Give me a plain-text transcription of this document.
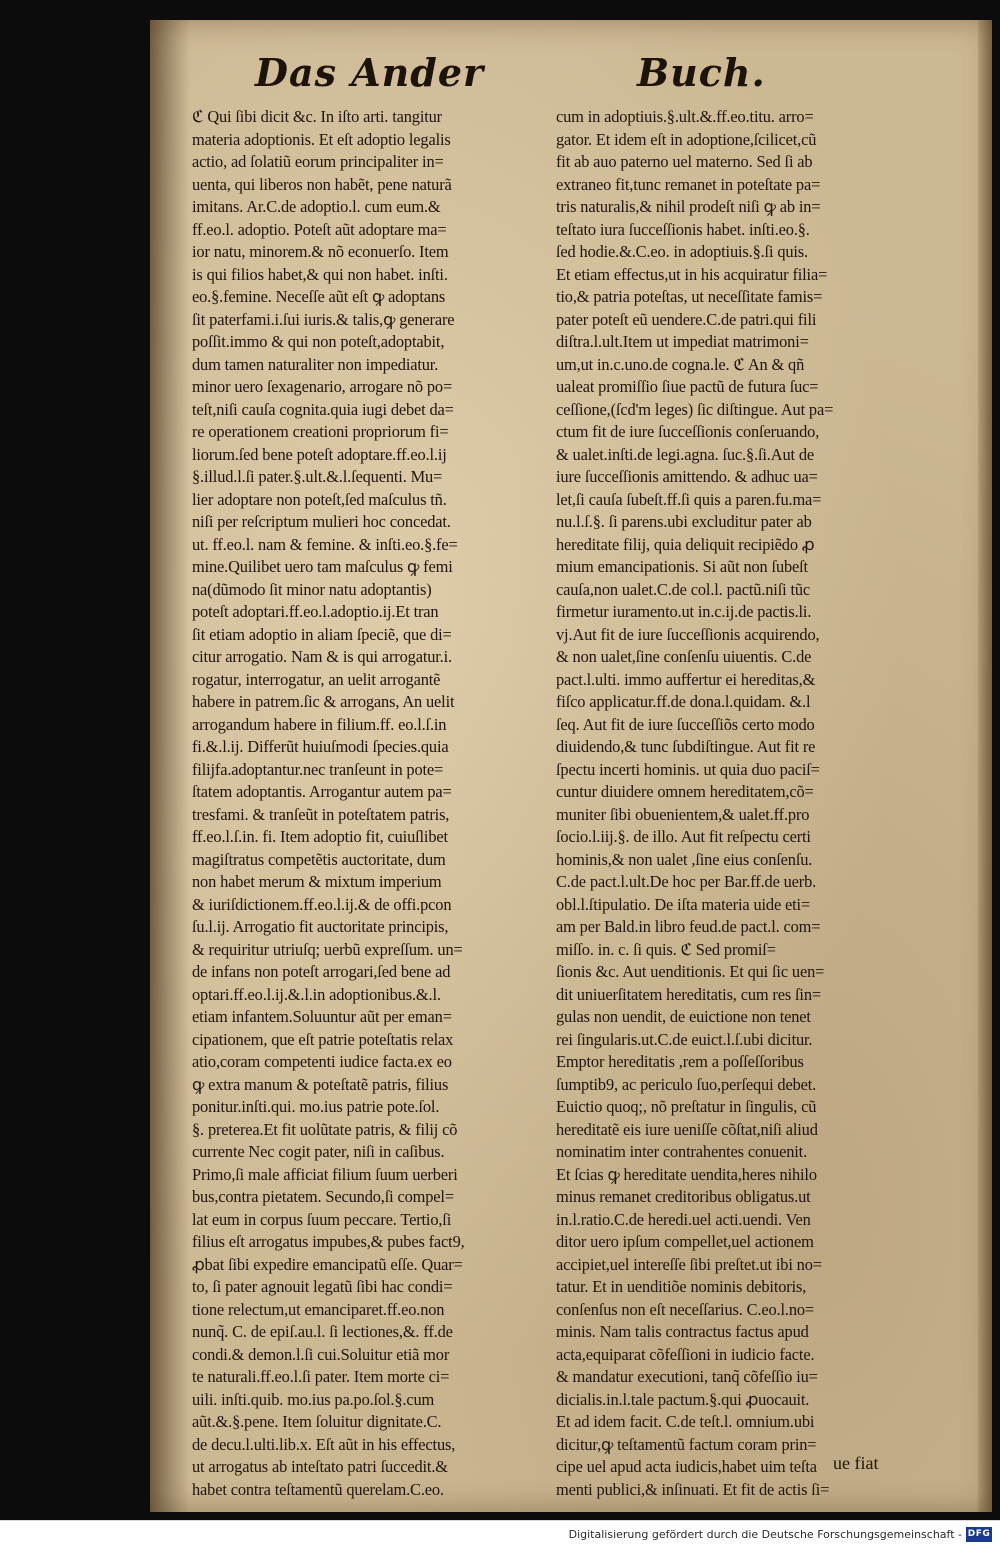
Das Ander	Buch.
ℭ Qui ſibi dicit &c. In iſto arti. tangitur
materia adoptionis. Et eſt adoptio legalis
actio, ad ſolatiũ eorum principaliter in=
uenta, qui liberos non habẽt, pene naturã
imitans. Ar.C.de adoptio.l. cum eum.&
ff.eo.l. adoptio. Poteſt aũt adoptare ma=
ior natu, minorem.& nõ econuerſo. Item
is qui filios habet,& qui non habet. inſti.
eo.§.femine. Neceſſe aũt eſt ꝙ adoptans
ſit paterfami.i.ſui iuris.& talis,ꝙ generare
poſſit.immo & qui non poteſt,adoptabit,
dum tamen naturaliter non impediatur.
minor uero ſexagenario, arrogare nõ po=
teſt,niſi cauſa cognita.quia iugi debet da=
re operationem creationi propriorum fi=
liorum.ſed bene poteſt adoptare.ff.eo.l.ij
§.illud.l.ſi pater.§.ult.&.l.ſequenti. Mu=
lier adoptare non poteſt,ſed maſculus tñ.
niſi per reſcriptum mulieri hoc concedat.
ut. ff.eo.l. nam & femine. & inſti.eo.§.fe=
mine.Quilibet uero tam maſculus ꝙ femi
na(dũmodo ſit minor natu adoptantis)
poteſt adoptari.ff.eo.l.adoptio.ij.Et tran
ſit etiam adoptio in aliam ſpeciẽ, que di=
citur arrogatio. Nam & is qui arrogatur.i.
rogatur, interrogatur, an uelit arrogantẽ
habere in patrem.ſic & arrogans, An uelit
arrogandum habere in filium.ff. eo.l.ſ.in
fi.&.l.ij. Differũt huiuſmodi ſpecies.quia
filijfa.adoptantur.nec tranſeunt in pote=
ſtatem adoptantis. Arrogantur autem pa=
tresfami. & tranſeũt in poteſtatem patris,
ff.eo.l.ſ.in. fi. Item adoptio fit, cuiuſlibet
magiſtratus competẽtis auctoritate, dum
non habet merum & mixtum imperium
& iuriſdictionem.ff.eo.l.ij.& de offi.pcon
ſu.l.ij. Arrogatio fit auctoritate principis,
& requiritur utriuſq; uerbũ expreſſum. un=
de infans non poteſt arrogari,ſed bene ad
optari.ff.eo.l.ij.&.l.in adoptionibus.&.l.
etiam infantem.Soluuntur aũt per eman=
cipationem, que eſt patrie poteſtatis relax
atio,coram competenti iudice facta.ex eo
ꝙ extra manum & poteſtatẽ patris, filius
ponitur.inſti.qui. mo.ius patrie pote.ſol.
§. preterea.Et fit uolũtate patris, & filij cõ
currente Nec cogit pater, niſi in caſibus.
Primo,ſi male afficiat filium ſuum uerberi
bus,contra pietatem. Secundo,ſi compel=
lat eum in corpus ſuum peccare. Tertio,ſi
filius eſt arrogatus impubes,& pubes fact9,
ꝓbat ſibi expedire emancipatũ eſſe. Quar=
to, ſi pater agnouit legatũ ſibi hac condi=
tione relectum,ut emanciparet.ff.eo.non
nunq̃. C. de epiſ.au.l. ſi lectiones,&. ff.de
condi.& demon.l.ſi cui.Soluitur etiã mor
te naturali.ff.eo.l.ſi pater. Item morte ci=
uili. inſti.quib. mo.ius pa.po.ſol.§.cum
aũt.&.§.pene. Item ſoluitur dignitate.C.
de decu.l.ulti.lib.x. Eſt aũt in his effectus,
ut arrogatus ab inteſtato patri ſuccedit.&
habet contra teſtamentũ querelam.C.eo.
cum in adoptiuis.§.ult.&.ff.eo.titu. arro=
gator. Et idem eſt in adoptione,ſcilicet,cũ
fit ab auo paterno uel materno. Sed ſi ab
extraneo fit,tunc remanet in poteſtate pa=
tris naturalis,& nihil prodeſt niſi ꝙ ab in=
teſtato iura ſucceſſionis habet. inſti.eo.§.
ſed hodie.&.C.eo. in adoptiuis.§.ſi quis.
Et etiam effectus,ut in his acquiratur filia=
tio,& patria poteſtas, ut neceſſitate famis=
pater poteſt eũ uendere.C.de patri.qui fili
diſtra.l.ult.Item ut impediat matrimoni=
um,ut in.c.uno.de cogna.le. ℭ An & qñ
ualeat promiſſio ſiue pactũ de futura ſuc=
ceſſione,(ſcd'm leges) ſic diſtingue. Aut pa=
ctum fit de iure ſucceſſionis conſeruando,
& ualet.inſti.de legi.agna. ſuc.§.ſi.Aut de
iure ſucceſſionis amittendo. & adhuc ua=
let,ſi cauſa ſubeſt.ff.ſi quis a paren.fu.ma=
nu.l.ſ.§. ſi parens.ubi excluditur pater ab
hereditate filij, quia deliquit recipiẽdo ꝓ
mium emancipationis. Si aũt non ſubeſt
cauſa,non ualet.C.de col.l. pactũ.niſi tũc
firmetur iuramento.ut in.c.ij.de pactis.li.
vj.Aut fit de iure ſucceſſionis acquirendo,
& non ualet,ſine conſenſu uiuentis. C.de
pact.l.ulti. immo auffertur ei hereditas,&
fiſco applicatur.ff.de dona.l.quidam. &.l
ſeq. Aut fit de iure ſucceſſiõs certo modo
diuidendo,& tunc ſubdiſtingue. Aut fit re
ſpectu incerti hominis. ut quia duo paciſ=
cuntur diuidere omnem hereditatem,cõ=
muniter ſibi obuenientem,& ualet.ff.pro
ſocio.l.iij.§. de illo. Aut fit reſpectu certi
hominis,& non ualet ,ſine eius conſenſu.
C.de pact.l.ult.De hoc per Bar.ff.de uerb.
obl.l.ſtipulatio. De iſta materia uide eti=
am per Bald.in libro feud.de pact.l. com=
miſſo. in. c. ſi quis. ℭ Sed promiſ=
ſionis &c. Aut uenditionis. Et qui ſic uen=
dit uniuerſitatem hereditatis, cum res ſin=
gulas non uendit, de euictione non tenet
rei ſingularis.ut.C.de euict.l.ſ.ubi dicitur.
Emptor hereditatis ,rem a poſſeſſoribus
ſumptib9, ac periculo ſuo,perſequi debet.
Euictio quoq;, nõ preſtatur in ſingulis, cũ
hereditatẽ eis iure ueniſſe cõſtat,niſi aliud
nominatim inter contrahentes conuenit.
Et ſcias ꝙ hereditate uendita,heres nihilo
minus remanet creditoribus obligatus.ut
in.l.ratio.C.de heredi.uel acti.uendi. Ven
ditor uero ipſum compellet,uel actionem
accipiet,uel intereſſe ſibi preſtet.ut ibi no=
tatur. Et in uenditiõe nominis debitoris,
conſenſus non eſt neceſſarius. C.eo.l.no=
minis. Nam talis contractus factus apud
acta,equiparat cõfeſſioni in iudicio facte.
& mandatur executioni, tanq̃ cõfeſſio iu=
dicialis.in.l.tale pactum.§.qui ꝓuocauit.
Et ad idem facit. C.de teſt.l. omnium.ubi
dicitur,ꝙ teſtamentũ factum coram prin=
cipe uel apud acta iudicis,habet uim teſta
menti publici,& inſinuati. Et fit de actis ſi=
ue fiat
Digitalisierung gefördert durch die Deutsche Forschungsgemeinschaft - DFG
